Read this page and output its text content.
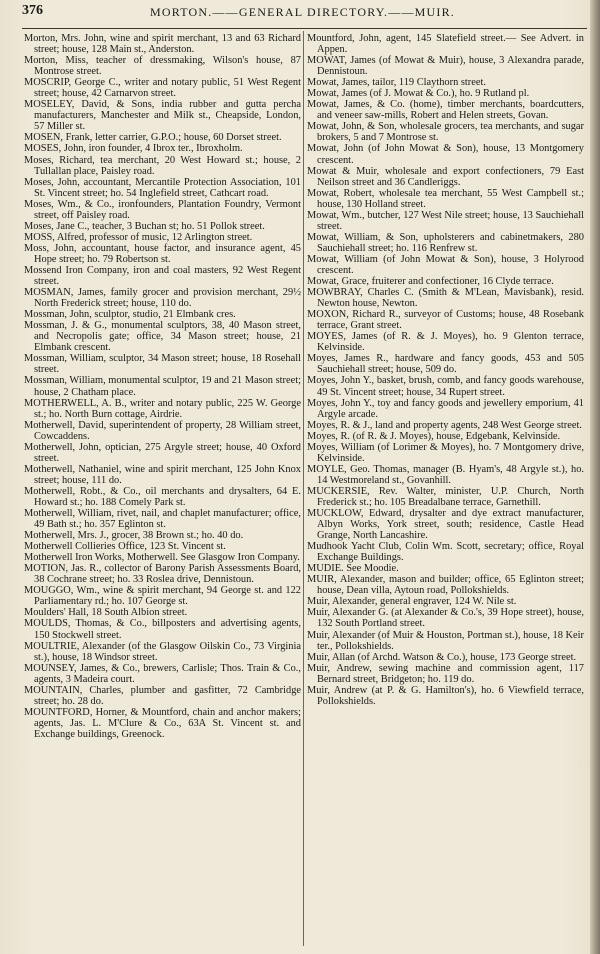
376	MORTON.——GENERAL DIRECTORY.——MUIR.

Morton, Mrs. John, wine and spirit merchant, 13 and 63 Richard street; house, 128 Main st., Anderston.

Morton, Miss, teacher of dressmaking, Wilson's house, 87 Montrose street.

MOSCRIP, George C., writer and notary public, 51 West Regent street; house, 42 Carnarvon street.

MOSELEY, David, & Sons, india rubber and gutta percha manufacturers, Manchester and Milk st., Cheapside, London, 57 Miller st.

MOSEN, Frank, letter carrier, G.P.O.; house, 60 Dorset street.

MOSES, John, iron founder, 4 Ibrox ter., Ibroxholm.

Moses, Richard, tea merchant, 20 West Howard st.; house, 2 Tullallan place, Paisley road.

Moses, John, accountant, Mercantile Protection Association, 101 St. Vincent street; ho. 54 Inglefield street, Cathcart road.

Moses, Wm., & Co., ironfounders, Plantation Foundry, Vermont street, off Paisley road.

Moses, Jane C., teacher, 3 Buchan st; ho. 51 Pollok street.

MOSS, Alfred, professor of music, 12 Arlington street.

Moss, John, accountant, house factor, and insurance agent, 45 Hope street; ho. 79 Robertson st.

Mossend Iron Company, iron and coal masters, 92 West Regent street.

MOSMAN, James, family grocer and provision merchant, 29½ North Frederick street; house, 110 do.

Mossman, John, sculptor, studio, 21 Elmbank cres.

Mossman, J. & G., monumental sculptors, 38, 40 Mason street, and Necropolis gate; office, 34 Mason street; house, 21 Elmbank crescent.

Mossman, William, sculptor, 34 Mason street; house, 18 Rosehall street.

Mossman, William, monumental sculptor, 19 and 21 Mason street; house, 2 Chatham place.

MOTHERWELL, A. B., writer and notary public, 225 W. George st.; ho. North Burn cottage, Airdrie.

Motherwell, David, superintendent of property, 28 William street, Cowcaddens.

Motherwell, John, optician, 275 Argyle street; house, 40 Oxford street.

Motherwell, Nathaniel, wine and spirit merchant, 125 John Knox street; house, 111 do.

Motherwell, Robt., & Co., oil merchants and drysalters, 64 E. Howard st.; ho. 188 Comely Park st.

Motherwell, William, rivet, nail, and chaplet manufacturer; office, 49 Bath st.; ho. 357 Eglinton st.

Motherwell, Mrs. J., grocer, 38 Brown st.; ho. 40 do.

Motherwell Collieries Office, 123 St. Vincent st.

Motherwell Iron Works, Motherwell. See Glasgow Iron Company.

MOTION, Jas. R., collector of Barony Parish Assessments Board, 38 Cochrane street; ho. 33 Roslea drive, Dennistoun.

MOUGGO, Wm., wine & spirit merchant, 94 George st. and 122 Parliamentary rd.; ho. 107 George st.

Moulders' Hall, 18 South Albion street.

MOULDS, Thomas, & Co., billposters and advertising agents, 150 Stockwell street.

MOULTRIE, Alexander (of the Glasgow Oilskin Co., 73 Virginia st.), house, 18 Windsor street.

MOUNSEY, James, & Co., brewers, Carlisle; Thos. Train & Co., agents, 3 Madeira court.

MOUNTAIN, Charles, plumber and gasfitter, 72 Cambridge street; ho. 28 do.

MOUNTFORD, Horner, & Mountford, chain and anchor makers; agents, Jas. L. M'Clure & Co., 63A St. Vincent st. and Exchange buildings, Greenock.

Mountford, John, agent, 145 Slatefield street.— See Advert. in Appen.

MOWAT, James (of Mowat & Muir), house, 3 Alexandra parade, Dennistoun.

Mowat, James, tailor, 119 Claythorn street.

Mowat, James (of J. Mowat & Co.), ho. 9 Rutland pl.

Mowat, James, & Co. (home), timber merchants, boardcutters, and veneer saw-mills, Robert and Helen streets, Govan.

Mowat, John, & Son, wholesale grocers, tea merchants, and sugar brokers, 5 and 7 Montrose st.

Mowat, John (of John Mowat & Son), house, 13 Montgomery crescent.

Mowat & Muir, wholesale and export confectioners, 79 East Neilson street and 36 Candleriggs.

Mowat, Robert, wholesale tea merchant, 55 West Campbell st.; house, 130 Holland street.

Mowat, Wm., butcher, 127 West Nile street; house, 13 Sauchiehall street.

Mowat, William, & Son, upholsterers and cabinetmakers, 280 Sauchiehall street; ho. 116 Renfrew st.

Mowat, William (of John Mowat & Son), house, 3 Holyrood crescent.

Mowat, Grace, fruiterer and confectioner, 16 Clyde terrace.

MOWBRAY, Charles C. (Smith & M'Lean, Mavisbank), resid. Newton house, Newton.

MOXON, Richard R., surveyor of Customs; house, 48 Rosebank terrace, Grant street.

MOYES, James (of R. & J. Moyes), ho. 9 Glenton terrace, Kelvinside.

Moyes, James R., hardware and fancy goods, 453 and 505 Sauchiehall street; house, 509 do.

Moyes, John Y., basket, brush, comb, and fancy goods warehouse, 49 St. Vincent street; house, 34 Rupert street.

Moyes, John Y., toy and fancy goods and jewellery emporium, 41 Argyle arcade.

Moyes, R. & J., land and property agents, 248 West George street.

Moyes, R. (of R. & J. Moyes), house, Edgebank, Kelvinside.

Moyes, William (of Lorimer & Moyes), ho. 7 Montgomery drive, Kelvinside.

MOYLE, Geo. Thomas, manager (B. Hyam's, 48 Argyle st.), ho. 14 Westmoreland st., Govanhill.

MUCKERSIE, Rev. Walter, minister, U.P. Church, North Frederick st.; ho. 105 Breadalbane terrace, Garnethill.

MUCKLOW, Edward, drysalter and dye extract manufacturer, Albyn Works, York street, south; residence, Castle Head Grange, North Lancashire.

Mudhook Yacht Club, Colin Wm. Scott, secretary; office, Royal Exchange Buildings.

MUDIE. See Moodie.

MUIR, Alexander, mason and builder; office, 65 Eglinton street; house, Dean villa, Aytoun road, Pollokshields.

Muir, Alexander, general engraver, 124 W. Nile st.

Muir, Alexander G. (at Alexander & Co.'s, 39 Hope street), house, 132 South Portland street.

Muir, Alexander (of Muir & Houston, Portman st.), house, 18 Keir ter., Pollokshields.

Muir, Allan (of Archd. Watson & Co.), house, 173 George street.

Muir, Andrew, sewing machine and commission agent, 117 Bernard street, Bridgeton; ho. 119 do.

Muir, Andrew (at P. & G. Hamilton's), ho. 6 Viewfield terrace, Pollokshields.
